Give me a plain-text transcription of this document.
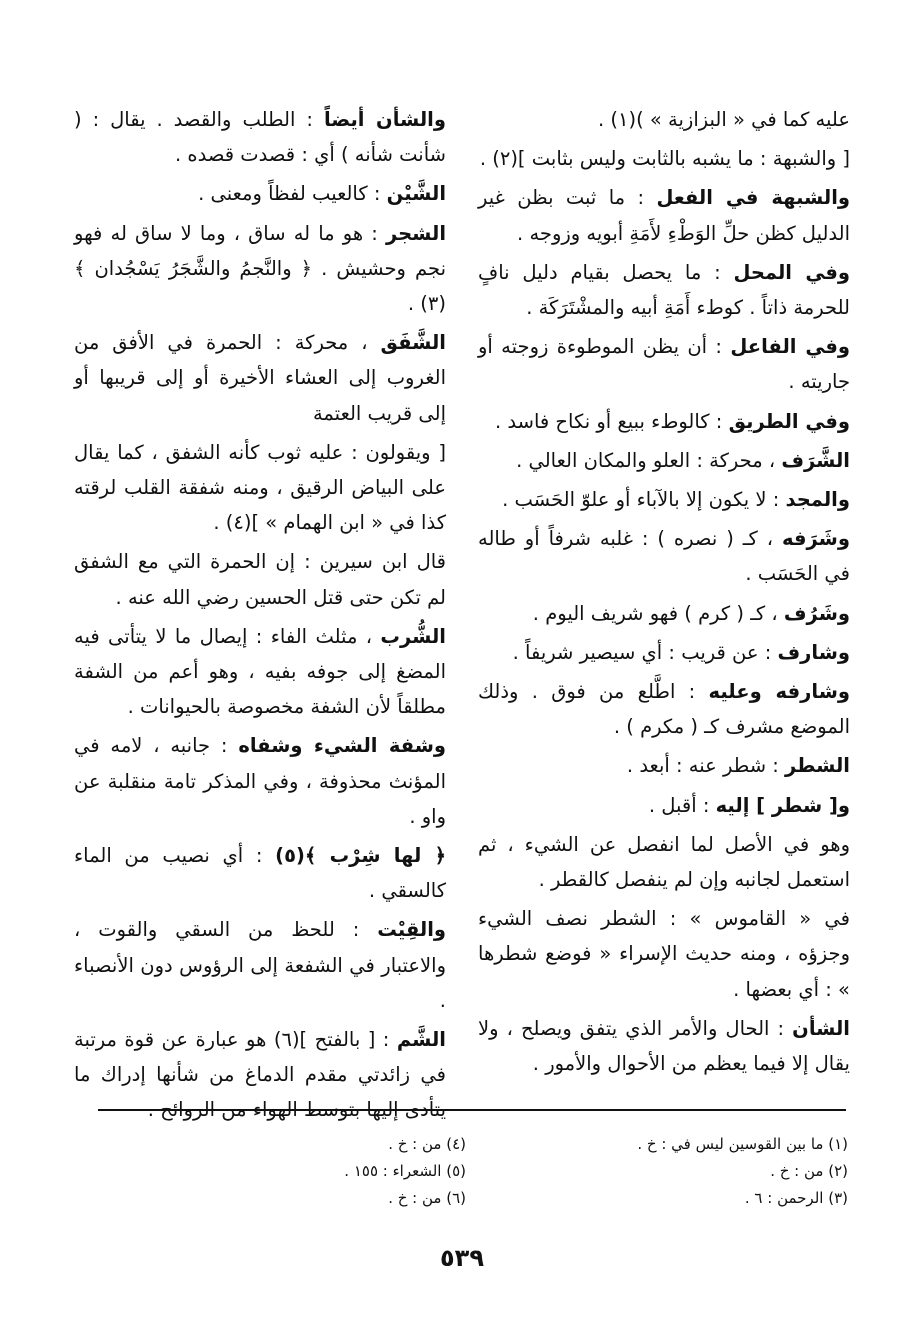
عليه كما في « البزازية » )(١) .

[ والشبهة : ما يشبه بالثابت وليس بثابت ](٢) .

والشبهة في الفعل : ما ثبت بظن غير الدليل كظن حلِّ الوَطْءِ لأَمَةِ أبويه وزوجه .

وفي المحل : ما يحصل بقيام دليل نافٍ للحرمة ذاتاً . كوطء أَمَةِ أبيه والمشْتَرَكَة .

وفي الفاعل : أن يظن الموطوءة زوجته أو جاريته .

وفي الطريق : كالوطء ببيع أو نكاح فاسد .

الشَّرَف ، محركة : العلو والمكان العالي .

والمجد : لا يكون إلا بالآباء أو علوّ الحَسَب .

وشَرَفه ، كـ ( نصره ) : غلبه شرفاً أو طاله في الحَسَب .

وشَرُف ، كـ ( كرم ) فهو شريف اليوم .

وشارف : عن قريب : أي سيصير شريفاً .

وشارفه وعليه : اطَّلع من فوق . وذلك الموضع مشرف كـ ( مكرم ) .

الشطر : شطر عنه : أبعد .

و[ شطر ] إليه : أقبل .

وهو في الأصل لما انفصل عن الشيء ، ثم استعمل لجانبه وإن لم ينفصل كالقطر .

في « القاموس » : الشطر نصف الشيء وجزؤه ، ومنه حديث الإسراء « فوضع شطرها » : أي بعضها .

الشأن : الحال والأمر الذي يتفق ويصلح ، ولا يقال إلا فيما يعظم من الأحوال والأمور .

والشأن أيضاً : الطلب والقصد . يقال : ( شأنت شأنه ) أي : قصدت قصده .

الشَّيْن : كالعيب لفظاً ومعنى .

الشجر : هو ما له ساق ، وما لا ساق له فهو نجم وحشيش . ﴿ والنَّجمُ والشَّجَرُ يَسْجُدان ﴾(٣) .

الشَّفَق ، محركة : الحمرة في الأفق من الغروب إلى العشاء الأخيرة أو إلى قريبها أو إلى قريب العتمة

[ ويقولون : عليه ثوب كأنه الشفق ، كما يقال على البياض الرقيق ، ومنه شفقة القلب لرقته كذا في « ابن الهمام » ](٤) .

قال ابن سيرين : إن الحمرة التي مع الشفق لم تكن حتى قتل الحسين رضي الله عنه .

الشُّرب ، مثلث الفاء : إيصال ما لا يتأتى فيه المضغ إلى جوفه بفيه ، وهو أعم من الشفة مطلقاً لأن الشفة مخصوصة بالحيوانات .

وشفة الشيء وشفاه : جانبه ، لامه في المؤنث محذوفة ، وفي المذكر تامة منقلبة عن واو .

﴿ لها شِرْب ﴾(٥) : أي نصيب من الماء كالسقي .

والقِيْت : للحظ من السقي والقوت ، والاعتبار في الشفعة إلى الرؤوس دون الأنصباء .

الشَّم : [ بالفتح ](٦) هو عبارة عن قوة مرتبة في زائدتي مقدم الدماغ من شأنها إدراك ما يتأدى إليها بتوسط الهواء من الروائح .

(١) ما بين القوسين ليس في : خ .
(٢) من : خ .
(٣) الرحمن : ٦ .
(٤) من : خ .
(٥) الشعراء : ١٥٥ .
(٦) من : خ .
٥٣٩
